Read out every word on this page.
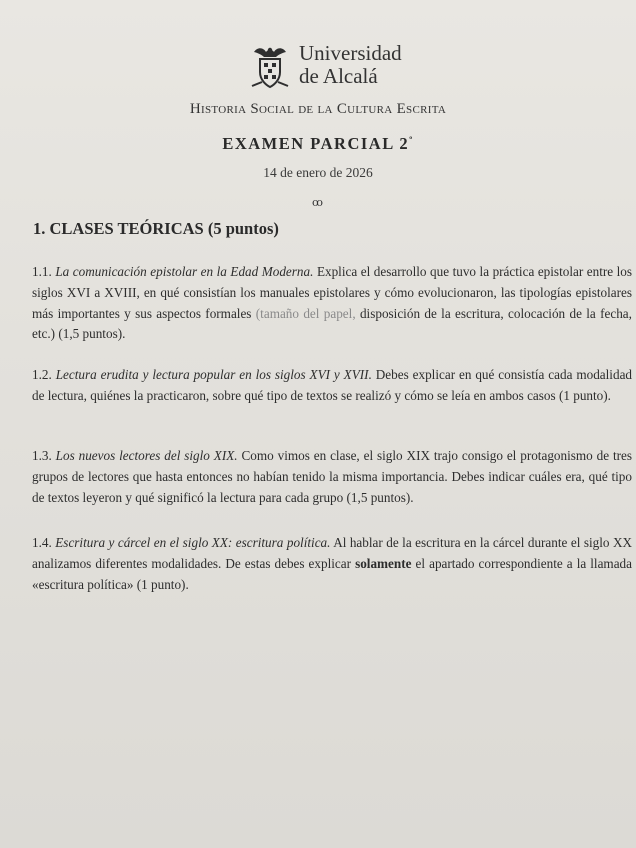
Universidad
de Alcalá
Historia Social de la Cultura Escrita
EXAMEN PARCIAL $2^º$
14 de enero de 2026
ꝏ
1. CLASES TEÓRICAS (5 puntos)
1.1. La comunicación epistolar en la Edad Moderna. Explica el desarrollo que tuvo la práctica epistolar entre los siglos XVI a XVIII, en qué consistían los manuales epistolares y cómo evolucionaron, las tipologías epistolares más importantes y sus aspectos formales (tamaño del papel, disposición de la escritura, colocación de la fecha, etc.) (1,5 puntos).
1.2. Lectura erudita y lectura popular en los siglos XVI y XVII. Debes explicar en qué consistía cada modalidad de lectura, quiénes la practicaron, sobre qué tipo de textos se realizó y cómo se leía en ambos casos (1 punto).
1.3. Los nuevos lectores del siglo XIX. Como vimos en clase, el siglo XIX trajo consigo el protagonismo de tres grupos de lectores que hasta entonces no habían tenido la misma importancia. Debes indicar cuáles era, qué tipo de textos leyeron y qué significó la lectura para cada grupo (1,5 puntos).
1.4. Escritura y cárcel en el siglo XX: escritura política. Al hablar de la escritura en la cárcel durante el siglo XX analizamos diferentes modalidades. De estas debes explicar solamente el apartado correspondiente a la llamada «escritura política» (1 punto).
